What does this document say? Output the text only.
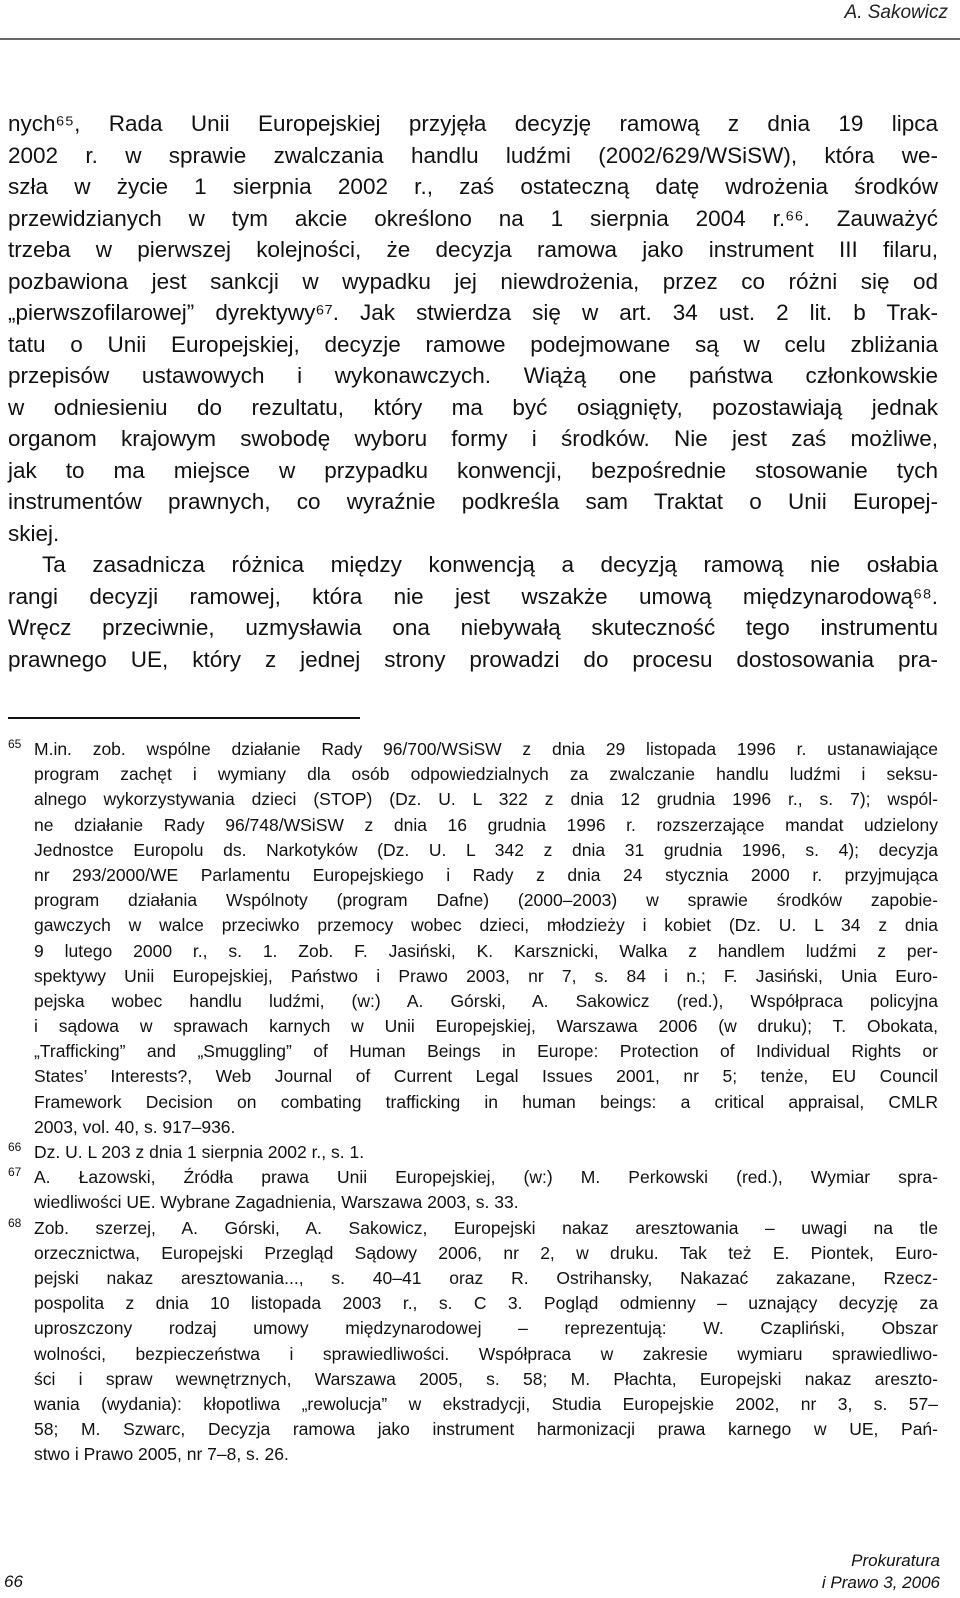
A. Sakowicz
nych⁶⁵, Rada Unii Europejskiej przyjęła decyzję ramową z dnia 19 lipca
2002 r. w sprawie zwalczania handlu ludźmi (2002/629/WSiSW), która we-
szła w życie 1 sierpnia 2002 r., zaś ostateczną datę wdrożenia środków
przewidzianych w tym akcie określono na 1 sierpnia 2004 r.⁶⁶. Zauważyć
trzeba w pierwszej kolejności, że decyzja ramowa jako instrument III filaru,
pozbawiona jest sankcji w wypadku jej niewdrożenia, przez co różni się od
„pierwszofilarowej” dyrektywy⁶⁷. Jak stwierdza się w art. 34 ust. 2 lit. b Trak-
tatu o Unii Europejskiej, decyzje ramowe podejmowane są w celu zbliżania
przepisów ustawowych i wykonawczych. Wiążą one państwa członkowskie
w odniesieniu do rezultatu, który ma być osiągnięty, pozostawiają jednak
organom krajowym swobodę wyboru formy i środków. Nie jest zaś możliwe,
jak to ma miejsce w przypadku konwencji, bezpośrednie stosowanie tych
instrumentów prawnych, co wyraźnie podkreśla sam Traktat o Unii Europej-
skiej.
Ta zasadnicza różnica między konwencją a decyzją ramową nie osłabia
rangi decyzji ramowej, która nie jest wszakże umową międzynarodową⁶⁸.
Wręcz przeciwnie, uzmysławia ona niebywałą skuteczność tego instrumentu
prawnego UE, który z jednej strony prowadzi do procesu dostosowania pra-
65 M.in. zob. wspólne działanie Rady 96/700/WSiSW z dnia 29 listopada 1996 r. ustanawiające
program zachęt i wymiany dla osób odpowiedzialnych za zwalczanie handlu ludźmi i seksu-
alnego wykorzystywania dzieci (STOP) (Dz. U. L 322 z dnia 12 grudnia 1996 r., s. 7); wspól-
ne działanie Rady 96/748/WSiSW z dnia 16 grudnia 1996 r. rozszerzające mandat udzielony
Jednostce Europolu ds. Narkotyków (Dz. U. L 342 z dnia 31 grudnia 1996, s. 4); decyzja
nr 293/2000/WE Parlamentu Europejskiego i Rady z dnia 24 stycznia 2000 r. przyjmująca
program działania Wspólnoty (program Dafne) (2000–2003) w sprawie środków zapobie-
gawczych w walce przeciwko przemocy wobec dzieci, młodzieży i kobiet (Dz. U. L 34 z dnia
9 lutego 2000 r., s. 1. Zob. F. Jasiński, K. Karsznicki, Walka z handlem ludźmi z per-
spektywy Unii Europejskiej, Państwo i Prawo 2003, nr 7, s. 84 i n.; F. Jasiński, Unia Euro-
pejska wobec handlu ludźmi, (w:) A. Górski, A. Sakowicz (red.), Współpraca policyjna
i sądowa w sprawach karnych w Unii Europejskiej, Warszawa 2006 (w druku); T. Obokata,
„Trafficking” and „Smuggling” of Human Beings in Europe: Protection of Individual Rights or
States’ Interests?, Web Journal of Current Legal Issues 2001, nr 5; tenże, EU Council
Framework Decision on combating trafficking in human beings: a critical appraisal, CMLR
2003, vol. 40, s. 917–936.
66 Dz. U. L 203 z dnia 1 sierpnia 2002 r., s. 1.
67 A. Łazowski, Źródła prawa Unii Europejskiej, (w:) M. Perkowski (red.), Wymiar spra-
wiedliwości UE. Wybrane Zagadnienia, Warszawa 2003, s. 33.
68 Zob. szerzej, A. Górski, A. Sakowicz, Europejski nakaz aresztowania – uwagi na tle
orzecznictwa, Europejski Przegląd Sądowy 2006, nr 2, w druku. Tak też E. Piontek, Euro-
pejski nakaz aresztowania..., s. 40–41 oraz R. Ostrihansky, Nakazać zakazane, Rzecz-
pospolita z dnia 10 listopada 2003 r., s. C 3. Pogląd odmienny – uznający decyzję za
uproszczony rodzaj umowy międzynarodowej – reprezentują: W. Czapliński, Obszar
wolności, bezpieczeństwa i sprawiedliwości. Współpraca w zakresie wymiaru sprawiedliwo-
ści i spraw wewnętrznych, Warszawa 2005, s. 58; M. Płachta, Europejski nakaz areszto-
wania (wydania): kłopotliwa „rewolucja” w ekstradycji, Studia Europejskie 2002, nr 3, s. 57–
58; M. Szwarc, Decyzja ramowa jako instrument harmonizacji prawa karnego w UE, Pań-
stwo i Prawo 2005, nr 7–8, s. 26.
66
Prokuratura
i Prawo 3, 2006
